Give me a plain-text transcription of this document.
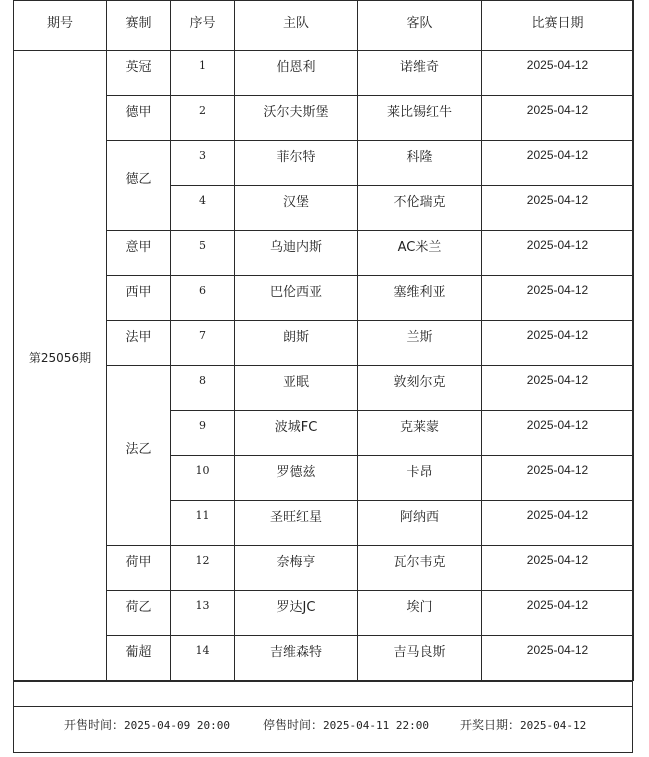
期号	赛制	序号	主队	客队	比赛日期
第25056期	英冠	1	伯恩利	诺维奇	2025-04-12
	德甲	2	沃尔夫斯堡	莱比锡红牛	2025-04-12
	德乙	3	菲尔特	科隆	2025-04-12
		4	汉堡	不伦瑞克	2025-04-12
	意甲	5	乌迪内斯	AC米兰	2025-04-12
	西甲	6	巴伦西亚	塞维利亚	2025-04-12
	法甲	7	朗斯	兰斯	2025-04-12
	法乙	8	亚眠	敦刻尔克	2025-04-12
		9	波城FC	克莱蒙	2025-04-12
		10	罗德兹	卡昂	2025-04-12
		11	圣旺红星	阿纳西	2025-04-12
	荷甲	12	奈梅亨	瓦尔韦克	2025-04-12
	荷乙	13	罗达JC	埃门	2025-04-12
	葡超	14	吉维森特	吉马良斯	2025-04-12
开售时间：2025-04-09 20:00	停售时间：2025-04-11 22:00	开奖日期：2025-04-12
